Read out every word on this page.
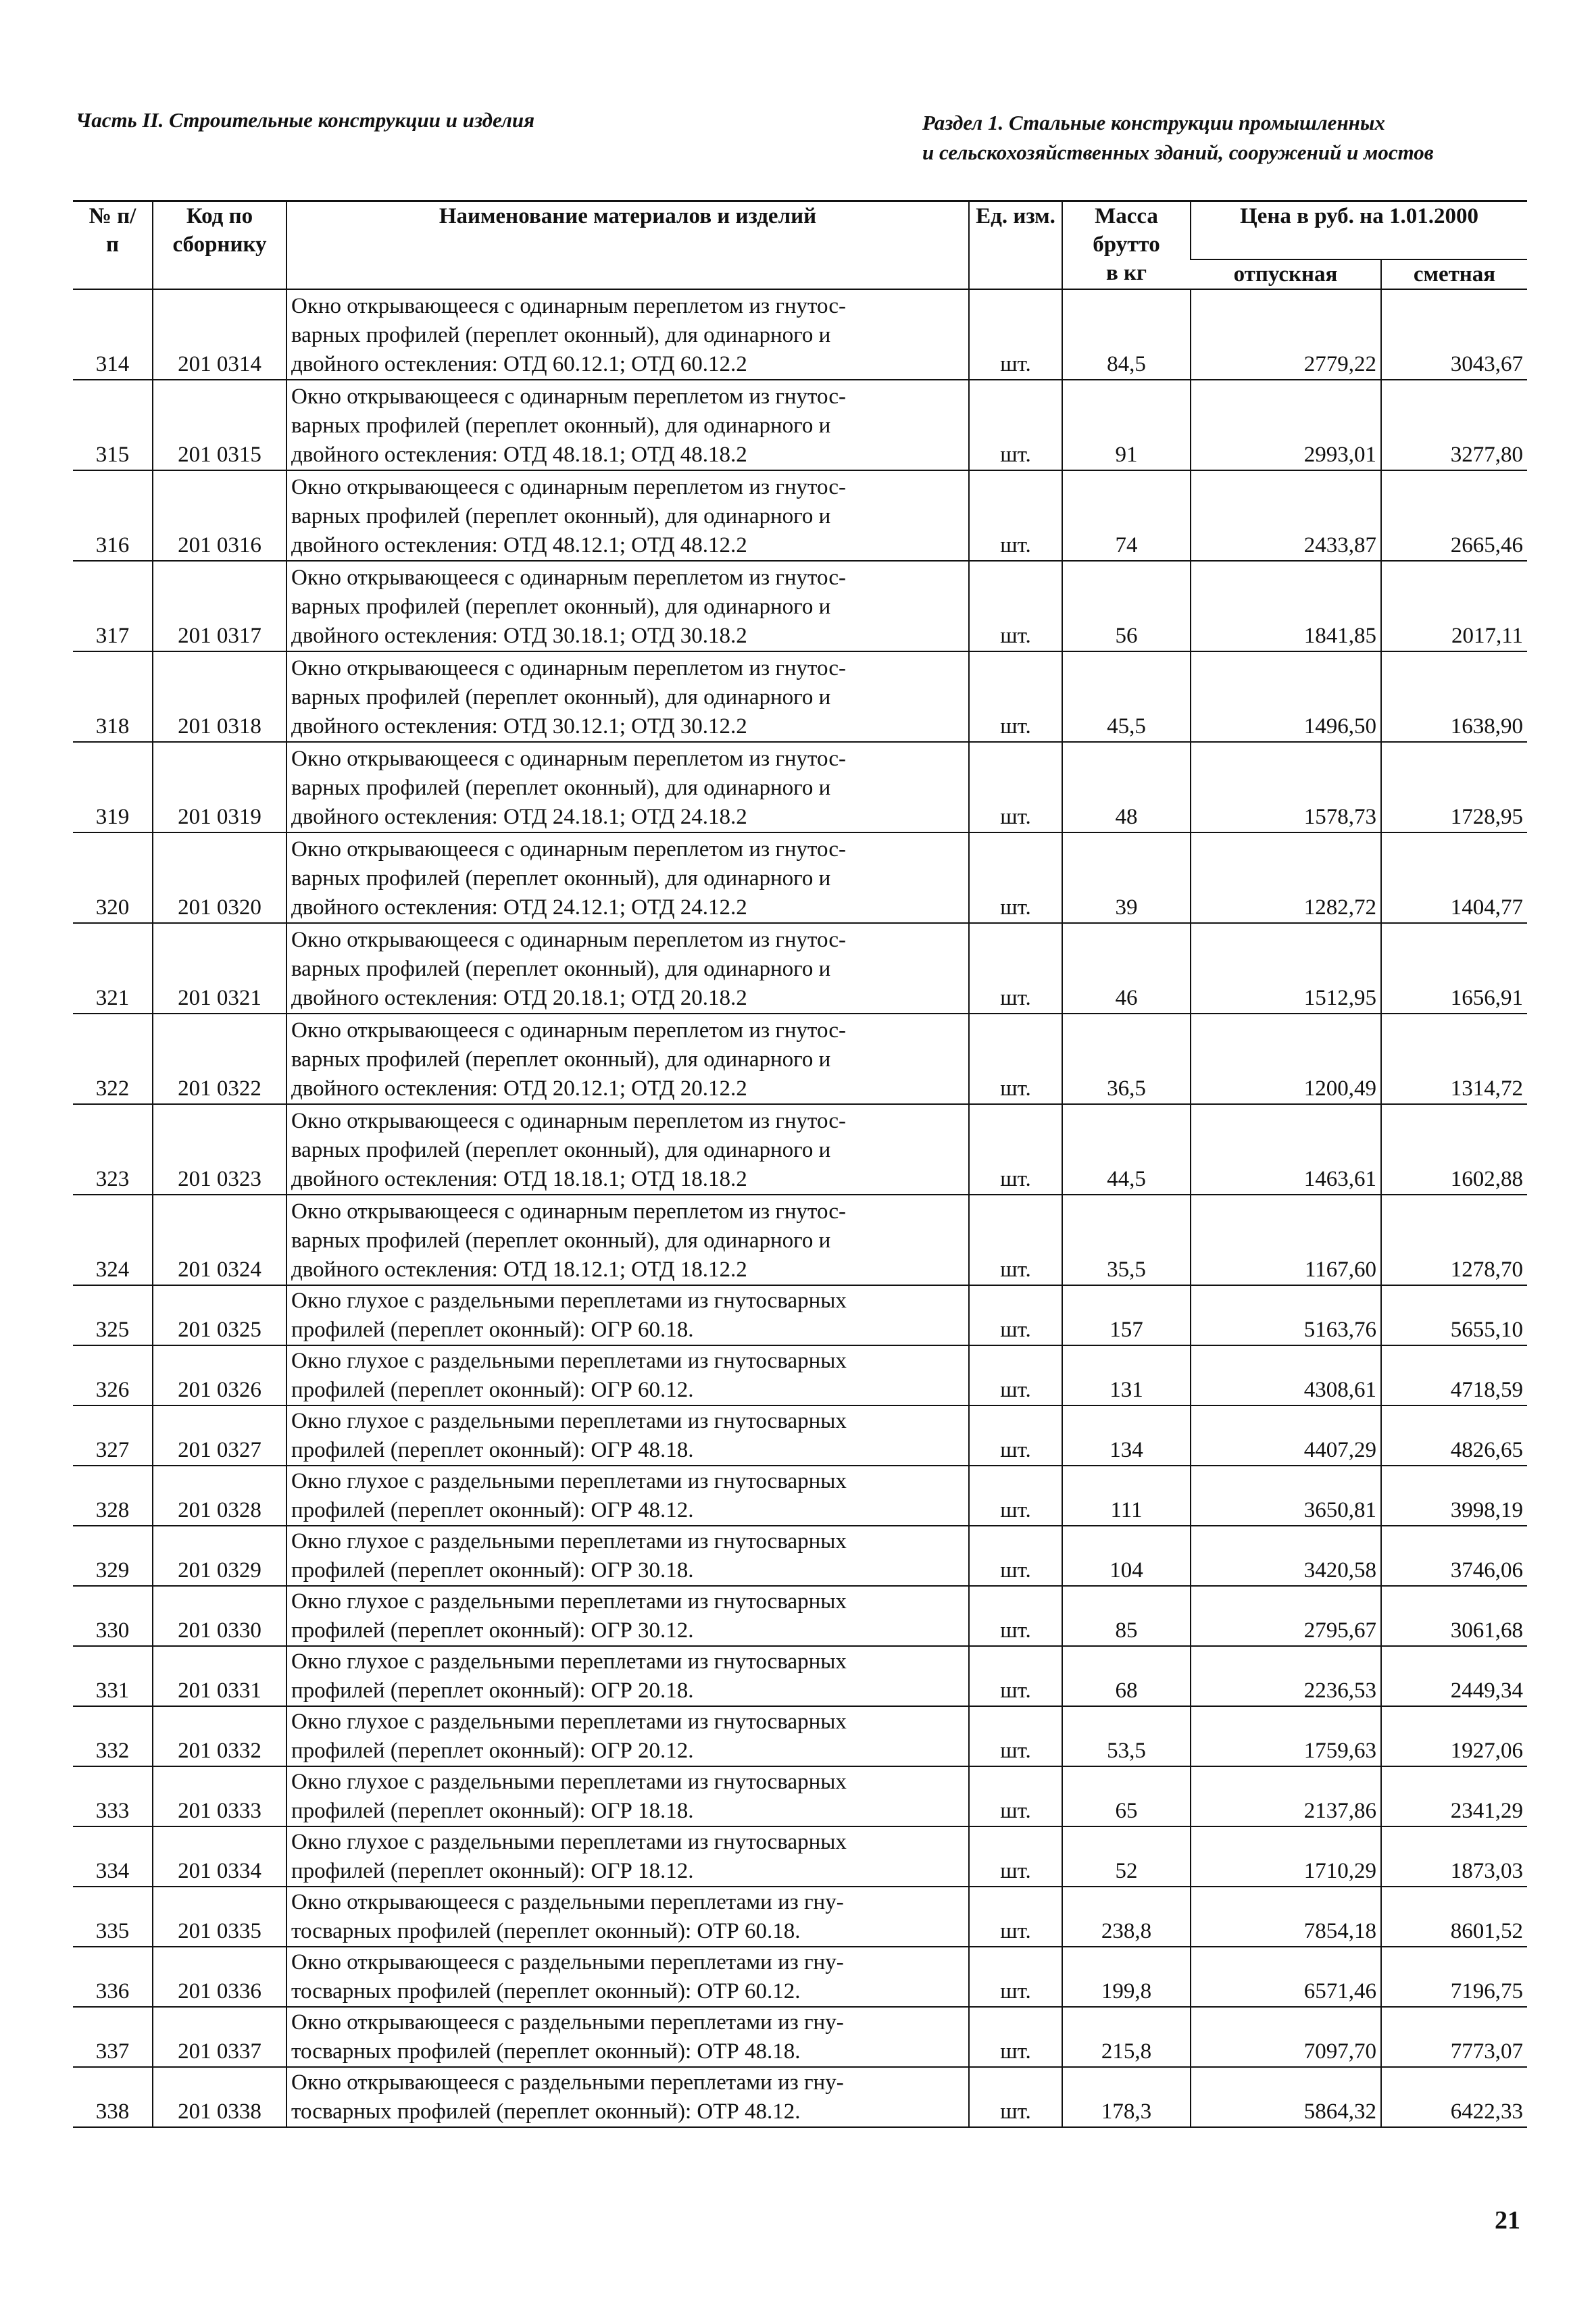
Часть II. Строительные конструкции и изделия	Раздел 1. Стальные конструкции промышленных
и сельскохозяйственных зданий, сооружений и мостов
№ п/п	Код по сборнику	Наименование материалов и изделий	Ед. изм.	Масса
брутто
в кг	Цена в руб. на 1.01.2000	
					отпускная	сметная
314	201 0314	Окно открывающееся с одинарным переплетом из гнутос-
варных профилей (переплет оконный), для одинарного и
двойного остекления: ОТД 60.12.1; ОТД 60.12.2	шт.	84,5	2779,22	3043,67
315	201 0315	Окно открывающееся с одинарным переплетом из гнутос-
варных профилей (переплет оконный), для одинарного и
двойного остекления: ОТД 48.18.1; ОТД 48.18.2	шт.	91	2993,01	3277,80
316	201 0316	Окно открывающееся с одинарным переплетом из гнутос-
варных профилей (переплет оконный), для одинарного и
двойного остекления: ОТД 48.12.1; ОТД 48.12.2	шт.	74	2433,87	2665,46
317	201 0317	Окно открывающееся с одинарным переплетом из гнутос-
варных профилей (переплет оконный), для одинарного и
двойного остекления: ОТД 30.18.1; ОТД 30.18.2	шт.	56	1841,85	2017,11
318	201 0318	Окно открывающееся с одинарным переплетом из гнутос-
варных профилей (переплет оконный), для одинарного и
двойного остекления: ОТД 30.12.1; ОТД 30.12.2	шт.	45,5	1496,50	1638,90
319	201 0319	Окно открывающееся с одинарным переплетом из гнутос-
варных профилей (переплет оконный), для одинарного и
двойного остекления: ОТД 24.18.1; ОТД 24.18.2	шт.	48	1578,73	1728,95
320	201 0320	Окно открывающееся с одинарным переплетом из гнутос-
варных профилей (переплет оконный), для одинарного и
двойного остекления: ОТД 24.12.1; ОТД 24.12.2	шт.	39	1282,72	1404,77
321	201 0321	Окно открывающееся с одинарным переплетом из гнутос-
варных профилей (переплет оконный), для одинарного и
двойного остекления: ОТД 20.18.1; ОТД 20.18.2	шт.	46	1512,95	1656,91
322	201 0322	Окно открывающееся с одинарным переплетом из гнутос-
варных профилей (переплет оконный), для одинарного и
двойного остекления: ОТД 20.12.1; ОТД 20.12.2	шт.	36,5	1200,49	1314,72
323	201 0323	Окно открывающееся с одинарным переплетом из гнутос-
варных профилей (переплет оконный), для одинарного и
двойного остекления: ОТД 18.18.1; ОТД 18.18.2	шт.	44,5	1463,61	1602,88
324	201 0324	Окно открывающееся с одинарным переплетом из гнутос-
варных профилей (переплет оконный), для одинарного и
двойного остекления: ОТД 18.12.1; ОТД 18.12.2	шт.	35,5	1167,60	1278,70
325	201 0325	Окно глухое с раздельными переплетами из гнутосварных
профилей (переплет оконный): ОГР 60.18.	шт.	157	5163,76	5655,10
326	201 0326	Окно глухое с раздельными переплетами из гнутосварных
профилей (переплет оконный): ОГР 60.12.	шт.	131	4308,61	4718,59
327	201 0327	Окно глухое с раздельными переплетами из гнутосварных
профилей (переплет оконный): ОГР 48.18.	шт.	134	4407,29	4826,65
328	201 0328	Окно глухое с раздельными переплетами из гнутосварных
профилей (переплет оконный): ОГР 48.12.	шт.	111	3650,81	3998,19
329	201 0329	Окно глухое с раздельными переплетами из гнутосварных
профилей (переплет оконный): ОГР 30.18.	шт.	104	3420,58	3746,06
330	201 0330	Окно глухое с раздельными переплетами из гнутосварных
профилей (переплет оконный): ОГР 30.12.	шт.	85	2795,67	3061,68
331	201 0331	Окно глухое с раздельными переплетами из гнутосварных
профилей (переплет оконный): ОГР 20.18.	шт.	68	2236,53	2449,34
332	201 0332	Окно глухое с раздельными переплетами из гнутосварных
профилей (переплет оконный): ОГР 20.12.	шт.	53,5	1759,63	1927,06
333	201 0333	Окно глухое с раздельными переплетами из гнутосварных
профилей (переплет оконный): ОГР 18.18.	шт.	65	2137,86	2341,29
334	201 0334	Окно глухое с раздельными переплетами из гнутосварных
профилей (переплет оконный): ОГР 18.12.	шт.	52	1710,29	1873,03
335	201 0335	Окно открывающееся с раздельными переплетами из гну-
тосварных профилей (переплет оконный): ОТР 60.18.	шт.	238,8	7854,18	8601,52
336	201 0336	Окно открывающееся с раздельными переплетами из гну-
тосварных профилей (переплет оконный): ОТР 60.12.	шт.	199,8	6571,46	7196,75
337	201 0337	Окно открывающееся с раздельными переплетами из гну-
тосварных профилей (переплет оконный): ОТР 48.18.	шт.	215,8	7097,70	7773,07
338	201 0338	Окно открывающееся с раздельными переплетами из гну-
тосварных профилей (переплет оконный): ОТР 48.12.	шт.	178,3	5864,32	6422,33
21
